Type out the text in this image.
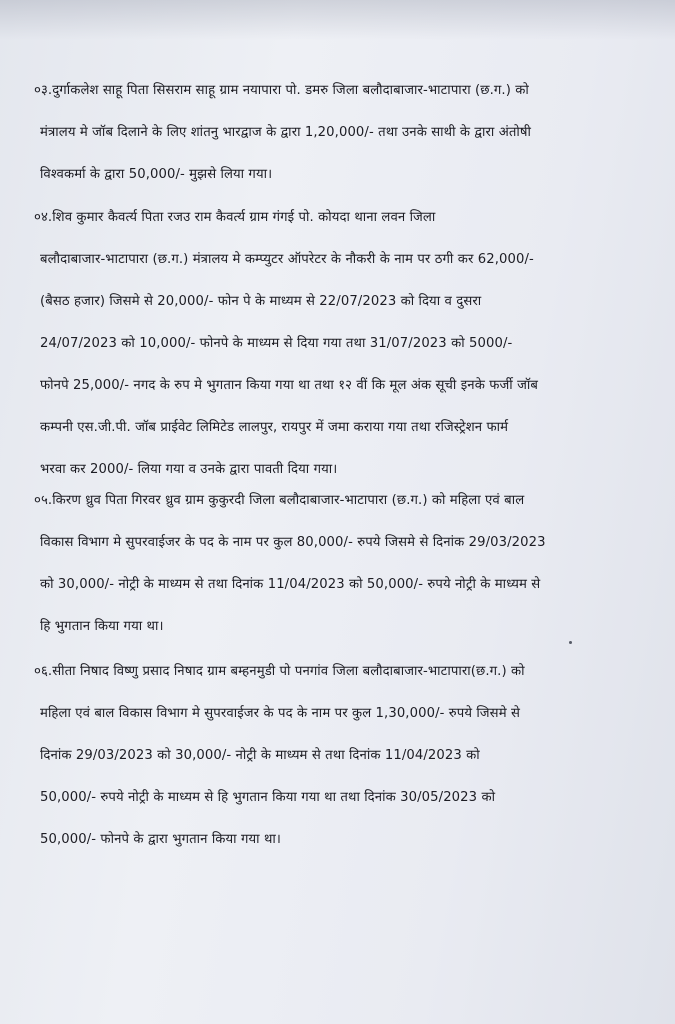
०३.दुर्गाकलेश साहू पिता सिसराम साहू ग्राम नयापारा पो. डमरु जिला बलौदाबाजार-भाटापारा (छ.ग.) को
मंत्रालय मे जॉब दिलाने के लिए शांतनु भारद्वाज के द्वारा 1,20,000/- तथा उनके साथी के द्वारा अंतोषी
विश्वकर्मा के द्वारा 50,000/- मुझसे लिया गया।
०४.शिव कुमार कैवर्त्य पिता रजउ राम कैवर्त्य ग्राम गंगई पो. कोयदा थाना लवन जिला
बलौदाबाजार-भाटापारा (छ.ग.) मंत्रालय मे कम्प्युटर ऑपरेटर के नौकरी के नाम पर ठगी कर 62,000/-
(बैसठ हजार) जिसमे से 20,000/- फोन पे के माध्यम से 22/07/2023 को दिया व दुसरा
24/07/2023 को 10,000/- फोनपे के माध्यम से दिया गया तथा 31/07/2023 को 5000/-
फोनपे 25,000/- नगद के रुप मे भुगतान किया गया था तथा १२ वीं कि मूल अंक सूची इनके फर्जी जॉब
कम्पनी एस.जी.पी. जॉब प्राईवेट लिमिटेड लालपुर, रायपुर में जमा कराया गया तथा रजिस्ट्रेशन फार्म
भरवा कर 2000/- लिया गया व उनके द्वारा पावती दिया गया।
०५.किरण ध्रुव पिता गिरवर ध्रुव ग्राम कुकुरदी जिला बलौदाबाजार-भाटापारा (छ.ग.) को महिला एवं बाल
विकास विभाग मे सुपरवाईजर के पद के नाम पर कुल 80,000/- रुपये जिसमे से दिनांक 29/03/2023
को 30,000/- नोट्री के माध्यम से तथा दिनांक 11/04/2023 को 50,000/- रुपये नोट्री के माध्यम से
हि भुगतान किया गया था।
०६.सीता निषाद विष्णु प्रसाद निषाद ग्राम बम्हनमुडी पो पनगांव जिला बलौदाबाजार-भाटापारा(छ.ग.) को
महिला एवं बाल विकास विभाग मे सुपरवाईजर के पद के नाम पर कुल 1,30,000/- रुपये जिसमे से
दिनांक 29/03/2023 को 30,000/- नोट्री के माध्यम से तथा दिनांक 11/04/2023 को
50,000/- रुपये नोट्री के माध्यम से हि भुगतान किया गया था तथा दिनांक 30/05/2023 को
50,000/- फोनपे के द्वारा भुगतान किया गया था।
